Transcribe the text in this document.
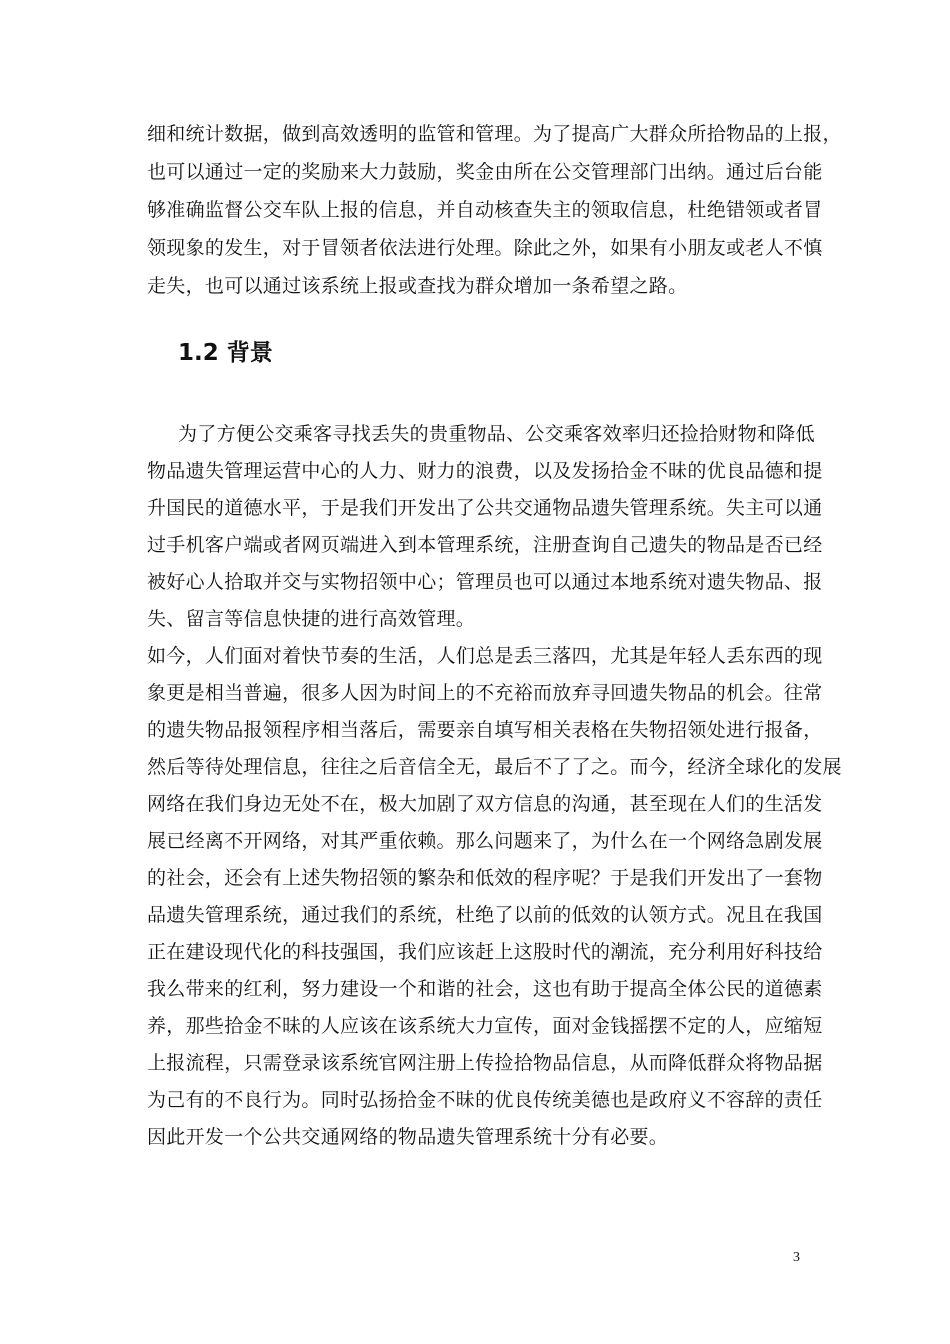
细和统计数据，做到高效透明的监管和管理。为了提高广大群众所拾物品的上报，
也可以通过一定的奖励来大力鼓励，奖金由所在公交管理部门出纳。通过后台能
够准确监督公交车队上报的信息，并自动核查失主的领取信息，杜绝错领或者冒
领现象的发生，对于冒领者依法进行处理。除此之外，如果有小朋友或老人不慎
走失，也可以通过该系统上报或查找为群众增加一条希望之路。
1.2 背景
为了方便公交乘客寻找丢失的贵重物品、公交乘客效率归还捡拾财物和降低
物品遗失管理运营中心的人力、财力的浪费，以及发扬拾金不昧的优良品德和提
升国民的道德水平，于是我们开发出了公共交通物品遗失管理系统。失主可以通
过手机客户端或者网页端进入到本管理系统，注册查询自己遗失的物品是否已经
被好心人拾取并交与实物招领中心；管理员也可以通过本地系统对遗失物品、报
失、留言等信息快捷的进行高效管理。
如今，人们面对着快节奏的生活，人们总是丢三落四，尤其是年轻人丢东西的现
象更是相当普遍，很多人因为时间上的不充裕而放弃寻回遗失物品的机会。往常
的遗失物品报领程序相当落后，需要亲自填写相关表格在失物招领处进行报备，
然后等待处理信息，往往之后音信全无，最后不了了之。而今，经济全球化的发展
网络在我们身边无处不在，极大加剧了双方信息的沟通，甚至现在人们的生活发
展已经离不开网络，对其严重依赖。那么问题来了，为什么在一个网络急剧发展
的社会，还会有上述失物招领的繁杂和低效的程序呢？于是我们开发出了一套物
品遗失管理系统，通过我们的系统，杜绝了以前的低效的认领方式。况且在我国
正在建设现代化的科技强国，我们应该赶上这股时代的潮流，充分利用好科技给
我么带来的红利，努力建设一个和谐的社会，这也有助于提高全体公民的道德素
养，那些拾金不昧的人应该在该系统大力宣传，面对金钱摇摆不定的人，应缩短
上报流程，只需登录该系统官网注册上传捡拾物品信息，从而降低群众将物品据
为己有的不良行为。同时弘扬拾金不昧的优良传统美德也是政府义不容辞的责任
因此开发一个公共交通网络的物品遗失管理系统十分有必要。
3
